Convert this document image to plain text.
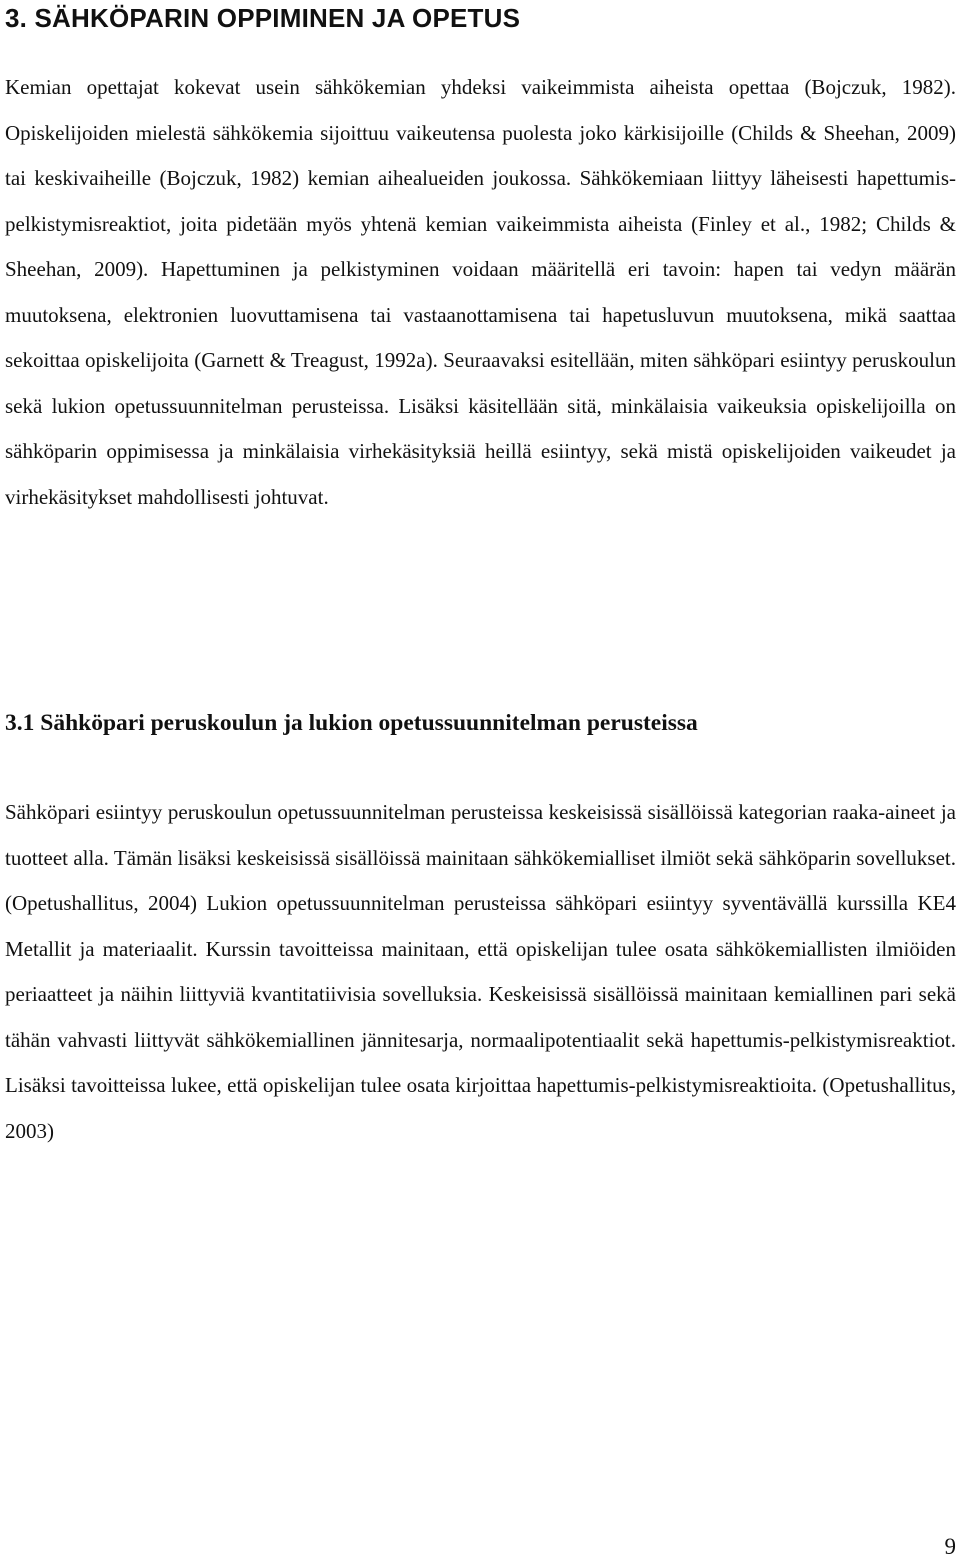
3. SÄHKÖPARIN OPPIMINEN JA OPETUS

Kemian opettajat kokevat usein sähkökemian yhdeksi vaikeimmista aiheista opettaa (Bojczuk, 1982). Opiskelijoiden mielestä sähkökemia sijoittuu vaikeutensa puolesta joko kärkisijoille (Childs & Sheehan, 2009) tai keskivaiheille (Bojczuk, 1982) kemian aihealueiden joukossa. Sähkökemiaan liittyy läheisesti hapettumis-pelkistymisreaktiot, joita pidetään myös yhtenä kemian vaikeimmista aiheista (Finley et al., 1982; Childs & Sheehan, 2009). Hapettuminen ja pelkistyminen voidaan määritellä eri tavoin: hapen tai vedyn määrän muutoksena, elektronien luovuttamisena tai vastaanottamisena tai hapetusluvun muutoksena, mikä saattaa sekoittaa opiskelijoita (Garnett & Treagust, 1992a). Seuraavaksi esitellään, miten sähköpari esiintyy peruskoulun sekä lukion opetussuunnitelman perusteissa. Lisäksi käsitellään sitä, minkälaisia vaikeuksia opiskelijoilla on sähköparin oppimisessa ja minkälaisia virhekäsityksiä heillä esiintyy, sekä mistä opiskelijoiden vaikeudet ja virhekäsitykset mahdollisesti johtuvat.

3.1 Sähköpari peruskoulun ja lukion opetussuunnitelman perusteissa

Sähköpari esiintyy peruskoulun opetussuunnitelman perusteissa keskeisissä sisällöissä kategorian raaka-aineet ja tuotteet alla. Tämän lisäksi keskeisissä sisällöissä mainitaan sähkökemialliset ilmiöt sekä sähköparin sovellukset. (Opetushallitus, 2004) Lukion opetussuunnitelman perusteissa sähköpari esiintyy syventävällä kurssilla KE4 Metallit ja materiaalit. Kurssin tavoitteissa mainitaan, että opiskelijan tulee osata sähkökemiallisten ilmiöiden periaatteet ja näihin liittyviä kvantitatiivisia sovelluksia. Keskeisissä sisällöissä mainitaan kemiallinen pari sekä tähän vahvasti liittyvät sähkökemiallinen jännitesarja, normaalipotentiaalit sekä hapettumis-pelkistymisreaktiot. Lisäksi tavoitteissa lukee, että opiskelijan tulee osata kirjoittaa hapettumis-pelkistymisreaktioita. (Opetushallitus, 2003)

9
